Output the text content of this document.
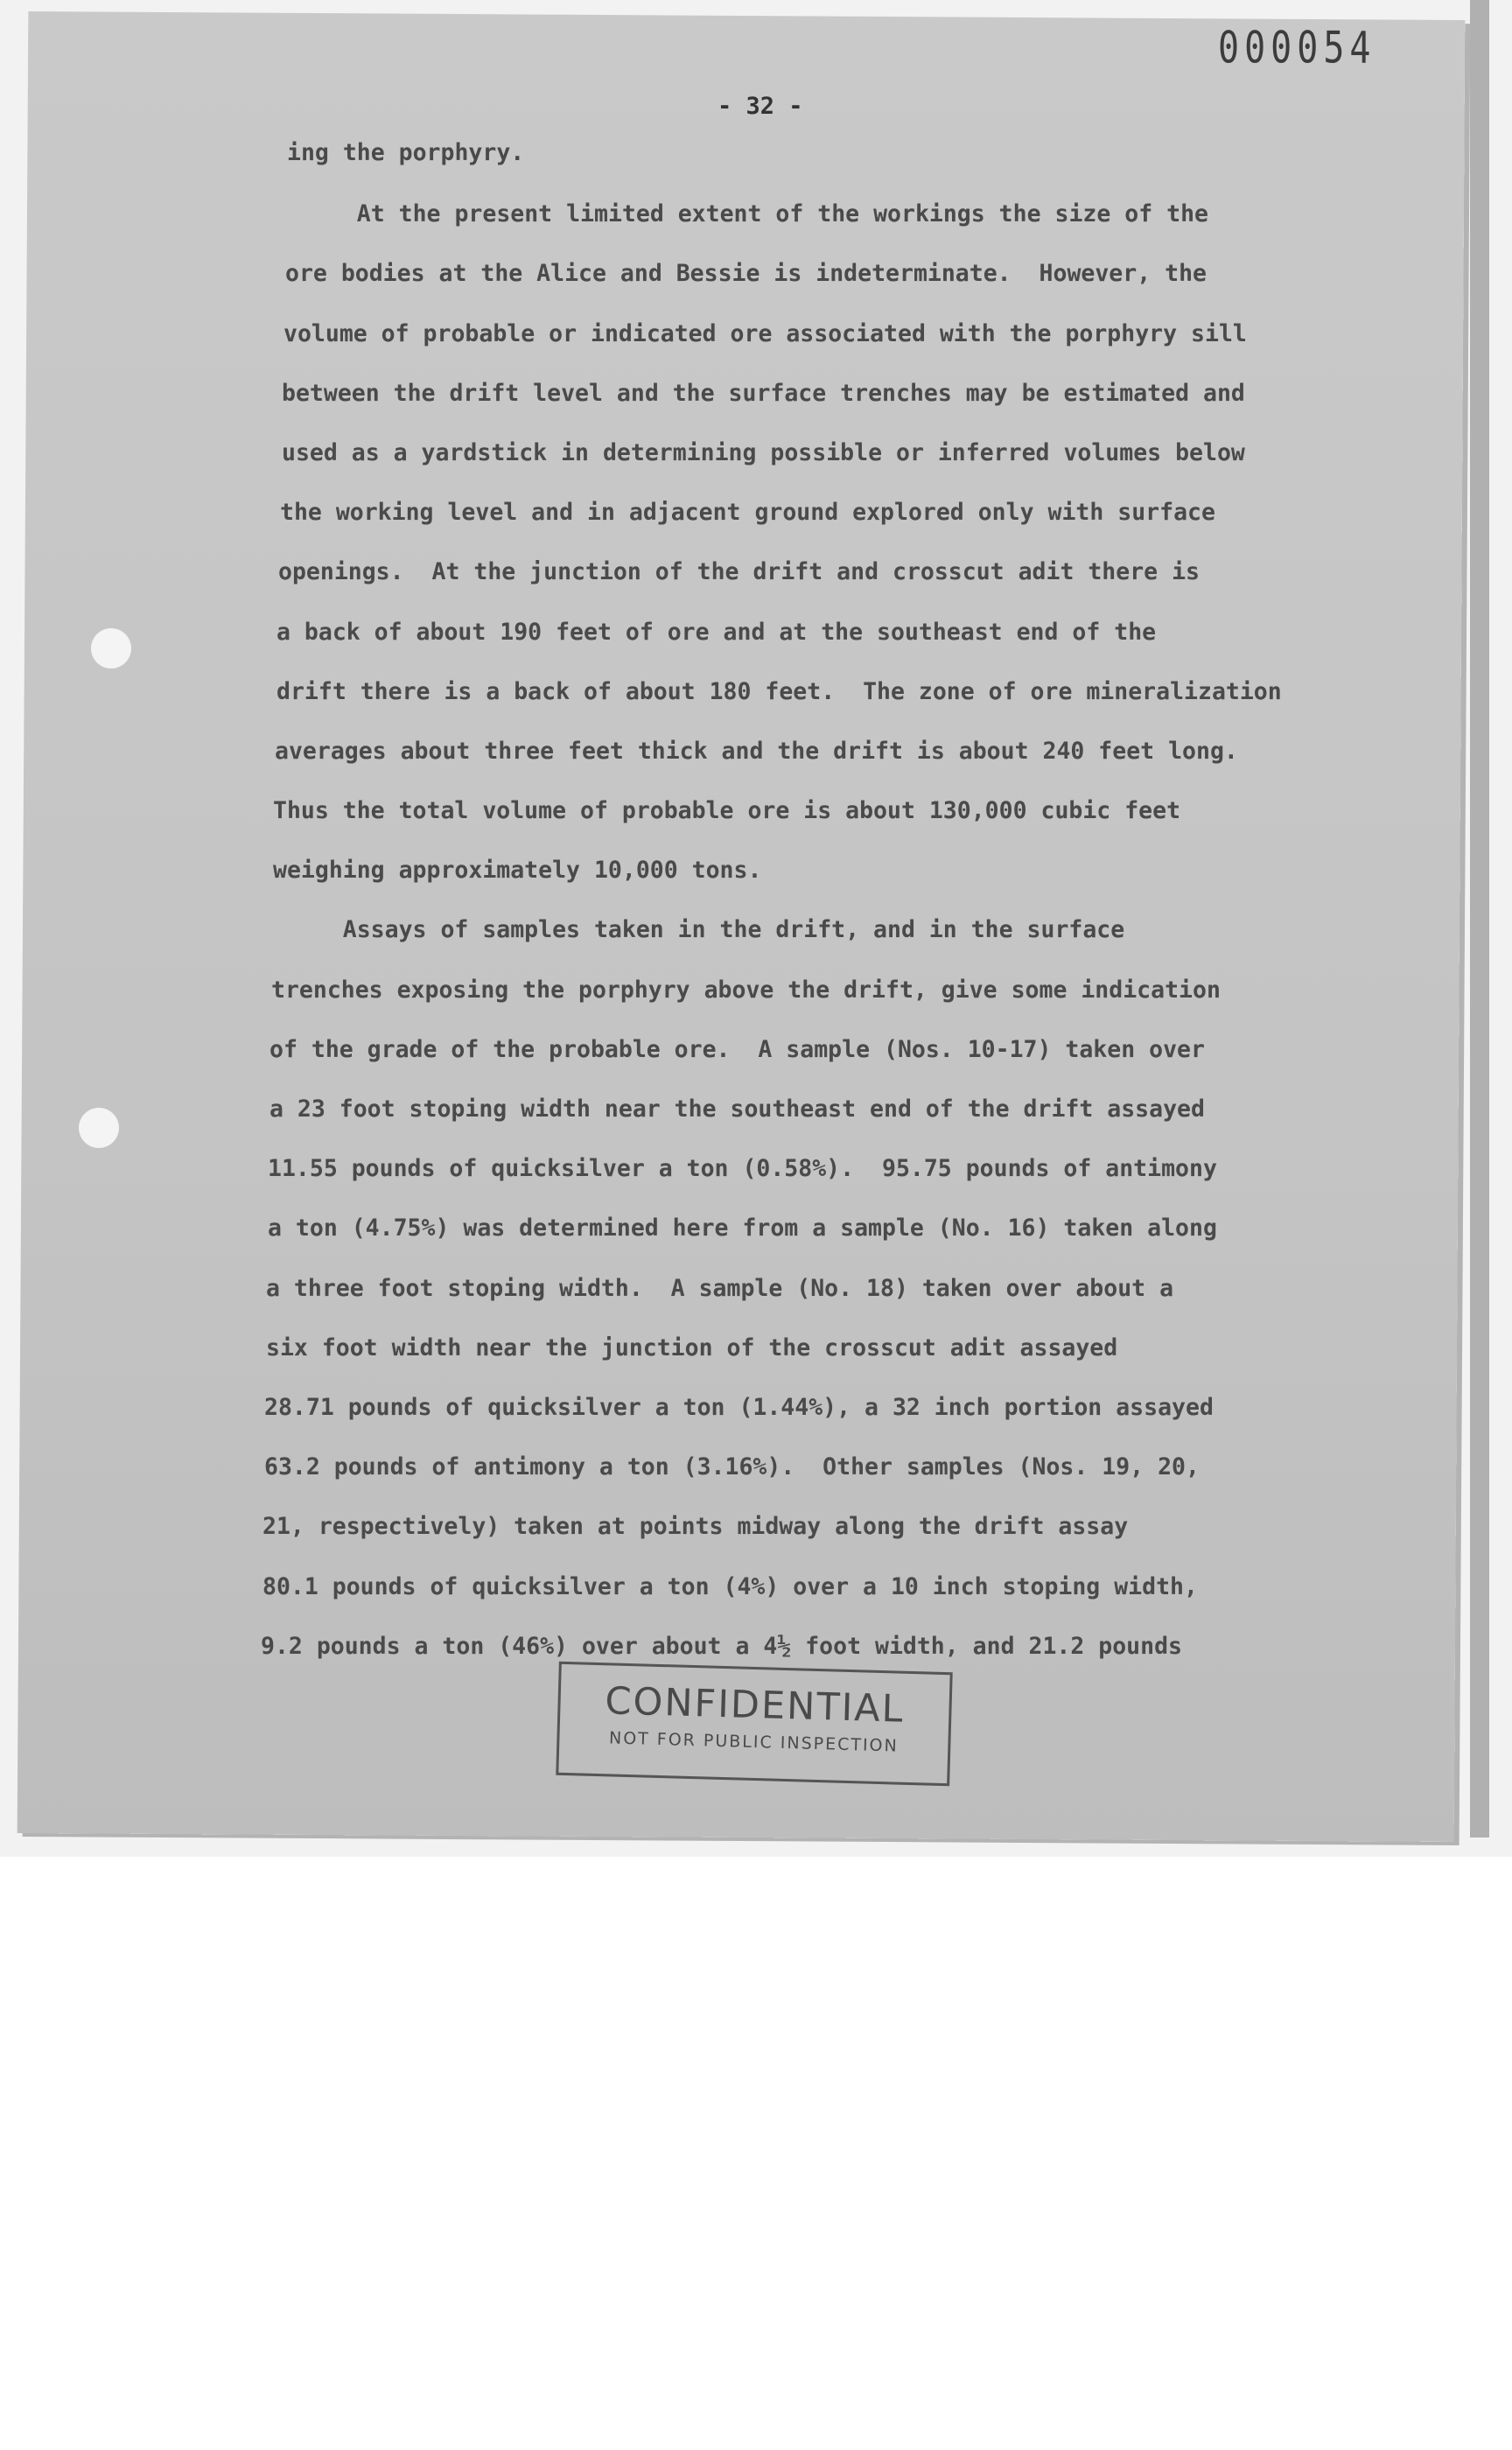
000054
- 32 -
ing the porphyry.
At the present limited extent of the workings the size of the
ore bodies at the Alice and Bessie is indeterminate.  However, the
volume of probable or indicated ore associated with the porphyry sill
between the drift level and the surface trenches may be estimated and
used as a yardstick in determining possible or inferred volumes below
the working level and in adjacent ground explored only with surface
openings.  At the junction of the drift and crosscut adit there is
a back of about 190 feet of ore and at the southeast end of the
drift there is a back of about 180 feet.  The zone of ore mineralization
averages about three feet thick and the drift is about 240 feet long.
Thus the total volume of probable ore is about 130,000 cubic feet
weighing approximately 10,000 tons.
Assays of samples taken in the drift, and in the surface
trenches exposing the porphyry above the drift, give some indication
of the grade of the probable ore.  A sample (Nos. 10-17) taken over
a 23 foot stoping width near the southeast end of the drift assayed
11.55 pounds of quicksilver a ton (0.58%).  95.75 pounds of antimony
a ton (4.75%) was determined here from a sample (No. 16) taken along
a three foot stoping width.  A sample (No. 18) taken over about a
six foot width near the junction of the crosscut adit assayed
28.71 pounds of quicksilver a ton (1.44%), a 32 inch portion assayed
63.2 pounds of antimony a ton (3.16%).  Other samples (Nos. 19, 20,
21, respectively) taken at points midway along the drift assay
80.1 pounds of quicksilver a ton (4%) over a 10 inch stoping width,
9.2 pounds a ton (46%) over about a 4½ foot width, and 21.2 pounds
CONFIDENTIAL
NOT FOR PUBLIC INSPECTION
